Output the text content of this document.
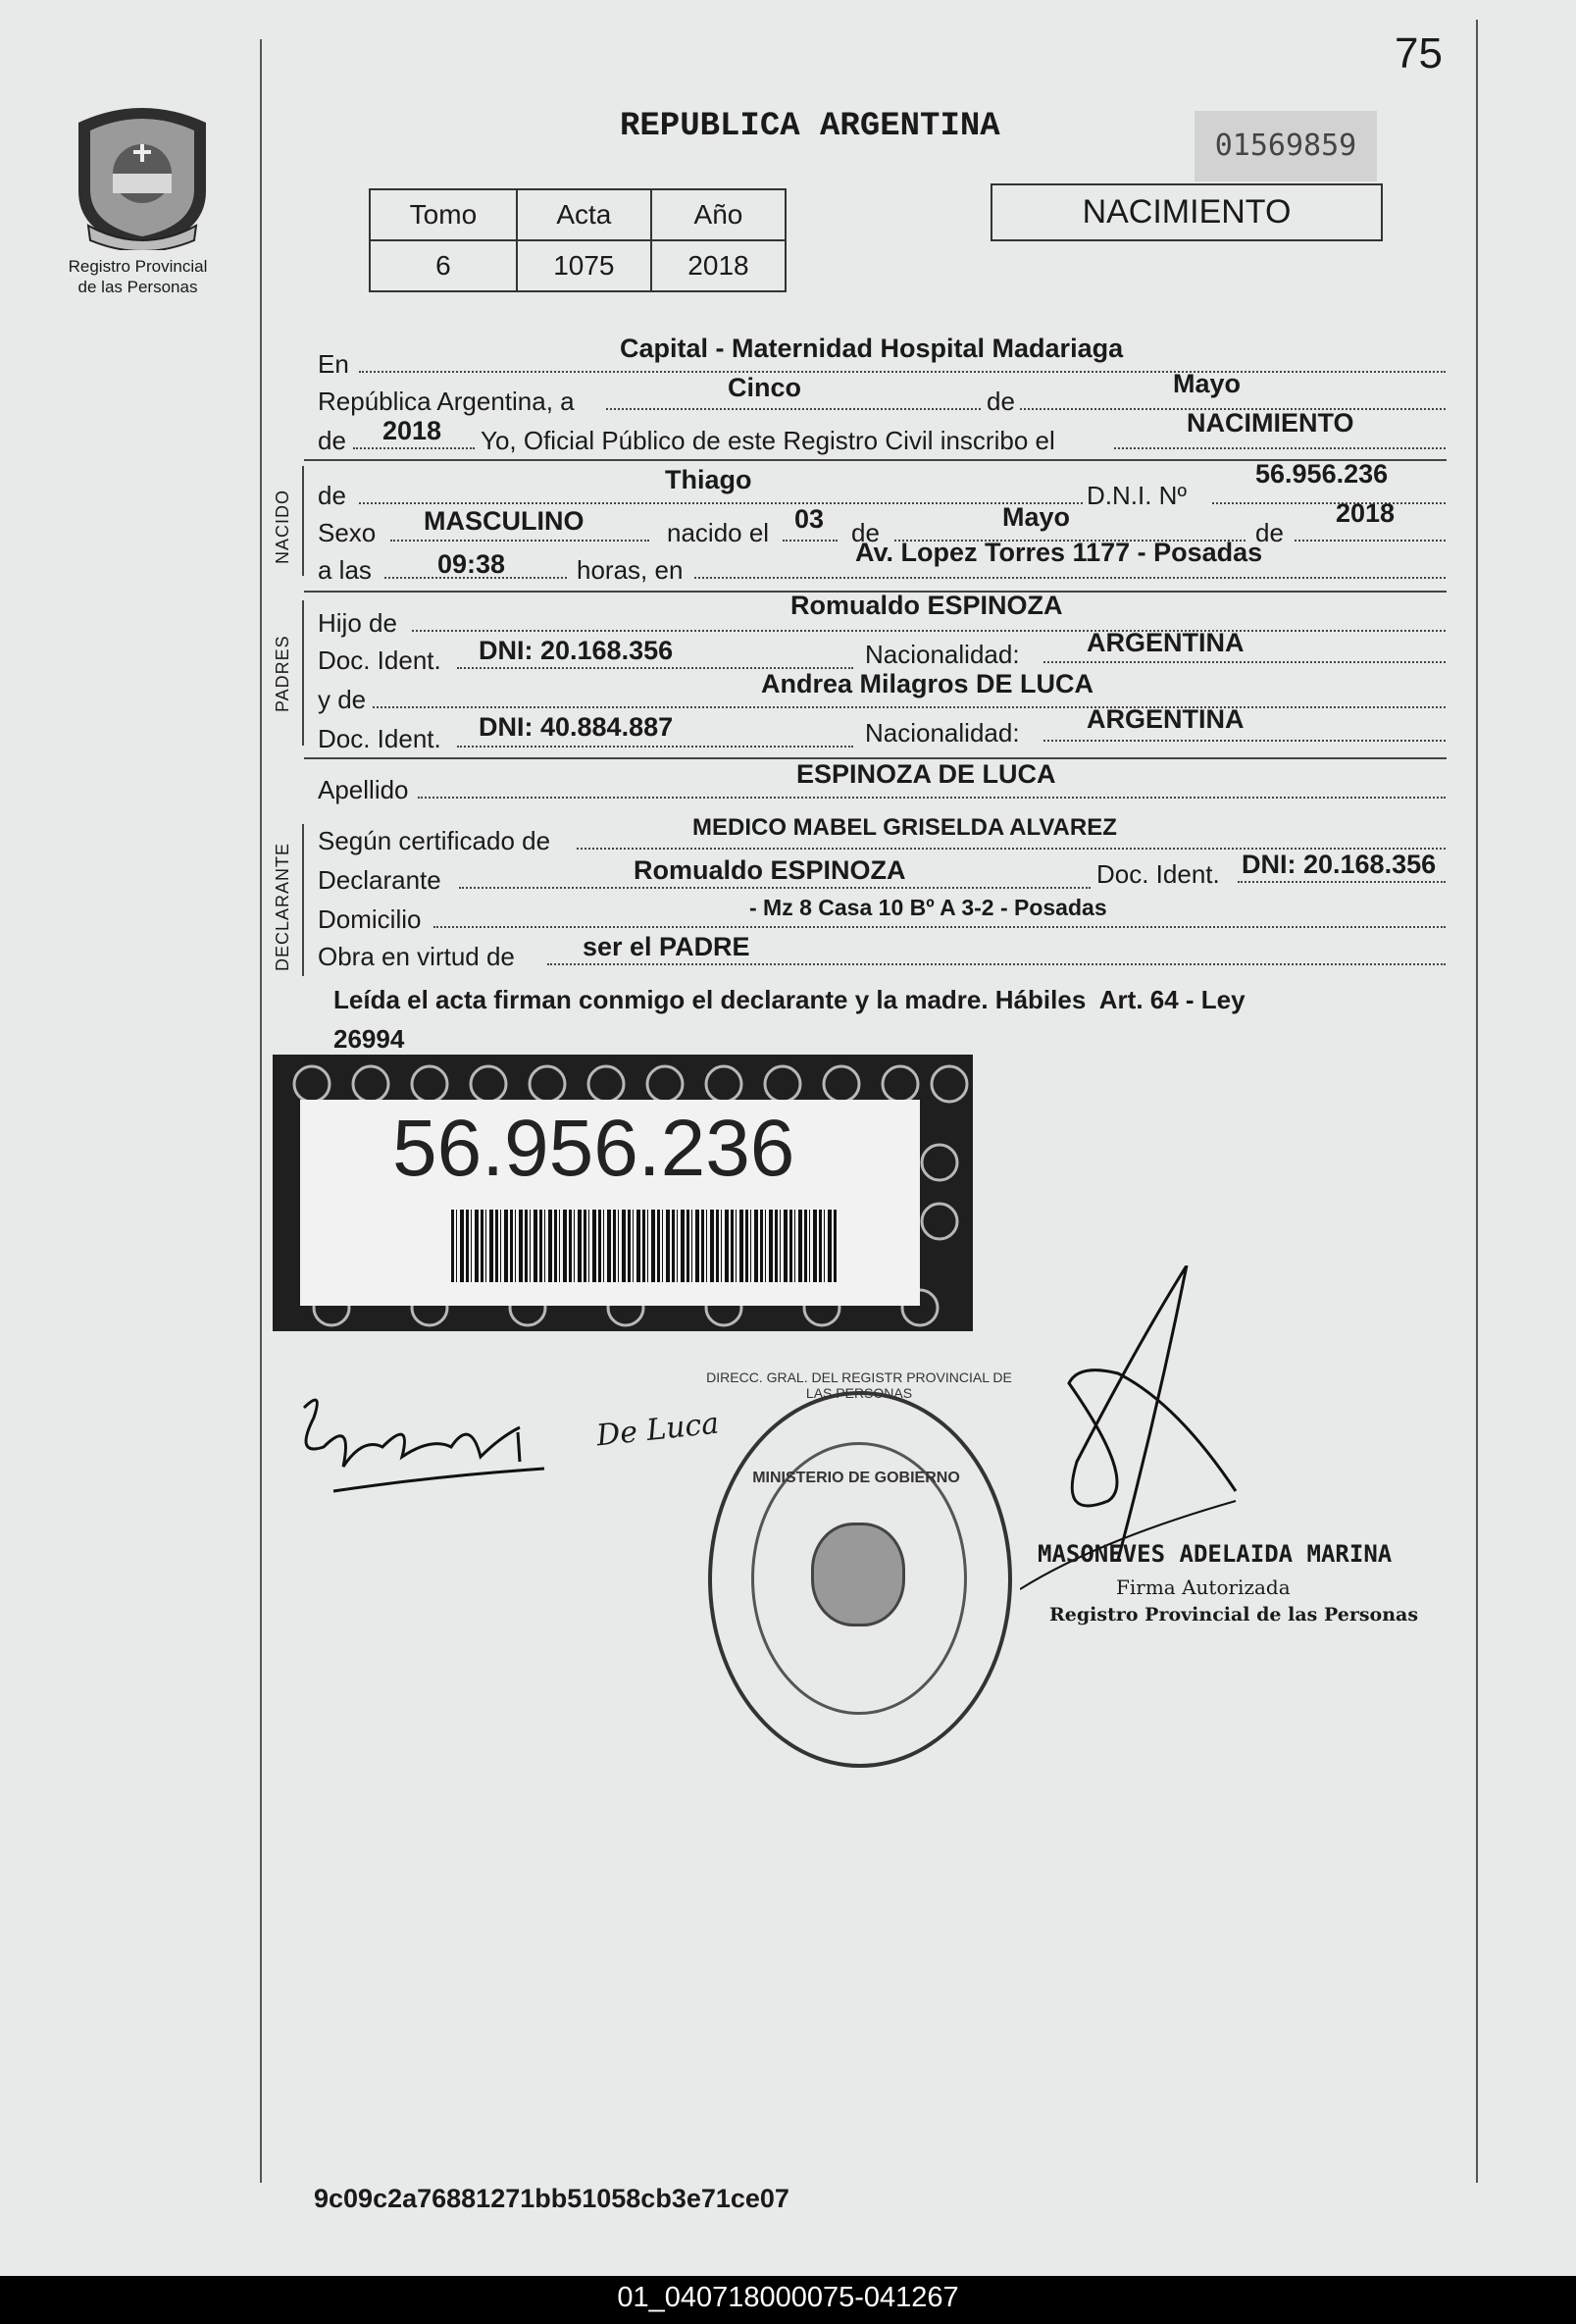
75
Registro Provincial
de las Personas
REPUBLICA ARGENTINA
01569859
NACIMIENTO
Tomo	Acta	Año
6	1075	2018
En
Capital - Maternidad Hospital Madariaga
República Argentina, a	Cinco	de
Mayo
de 2018 Yo, Oficial Público de este Registro Civil inscribo el
NACIMIENTO
NACIDO de
Thiago
D.N.I. Nº
56.956.236
Sexo MASCULINO	nacido el 03 de
Mayo
de
2018
a las 09:38	horas, en
Av. Lopez Torres 1177 - Posadas
PADRES
Hijo de
Romualdo ESPINOZA
Doc. Ident. DNI: 20.168.356	Nacionalidad:	ARGENTINA
y de
Andrea Milagros DE LUCA
Doc. Ident. DNI: 40.884.887	Nacionalidad:	ARGENTINA
Apellido
ESPINOZA DE LUCA
DECLARANTE
Según certificado de	MEDICO MABEL GRISELDA ALVAREZ
Declarante	Romualdo ESPINOZA	Doc. Ident. DNI: 20.168.356
Domicilio	- Mz 8 Casa 10 Bº A 3-2 - Posadas
Obra en virtud de	ser el PADRE
Leída el acta firman conmigo el declarante y la madre. Hábiles  Art. 64 - Ley
26994
56.956.236
De Luca
DIRECC. GRAL. DEL REGISTR PROVINCIAL DE LAS PERSONAS
MINISTERIO DE GOBIERNO
MASONEVES ADELAIDA MARINA
Firma Autorizada
Registro Provincial de las Personas
9c09c2a76881271bb51058cb3e71ce07
01_040718000075-041267
